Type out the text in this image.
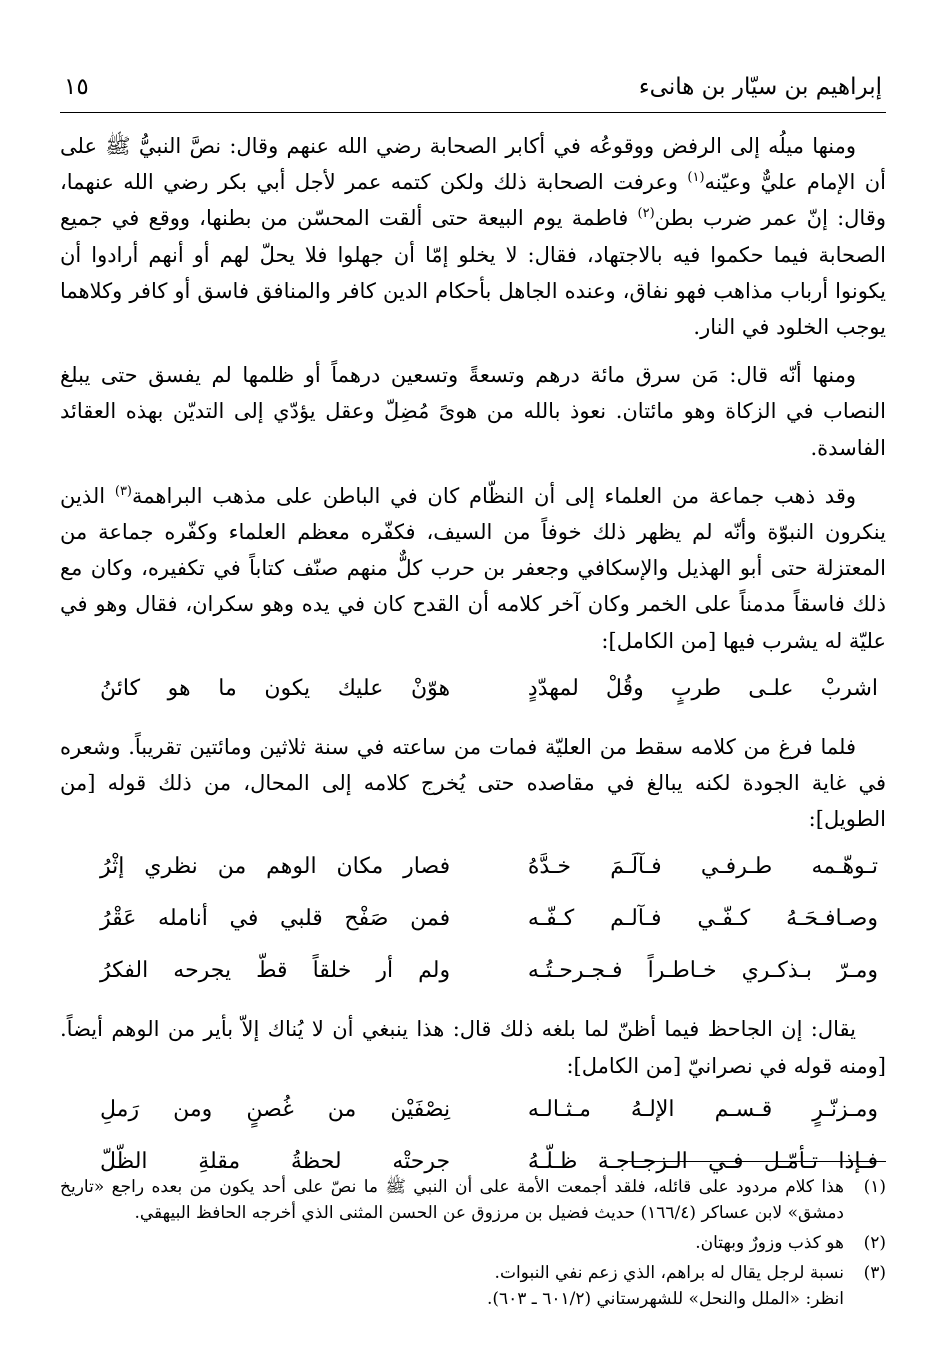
إبراهيم بن سيّار بن هانىء
١٥

ومنها ميلُه إلى الرفض ووقوعُه في أكابر الصحابة رضي الله عنهم وقال: نصَّ النبيُّ ﷺ على أن الإمام عليٌّ وعيّنه$^{(١)}$ وعرفت الصحابة ذلك ولكن كتمه عمر لأجل أبي بكر رضي الله عنهما، وقال: إنّ عمر ضرب بطن$^{(٢)}$ فاطمة يوم البيعة حتى ألقت المحسّن من بطنها، ووقع في جميع الصحابة فيما حكموا فيه بالاجتهاد، فقال: لا يخلو إمّا أن جهلوا فلا يحلّ لهم أو أنهم أرادوا أن يكونوا أرباب مذاهب فهو نفاق، وعنده الجاهل بأحكام الدين كافر والمنافق فاسق أو كافر وكلاهما يوجب الخلود في النار.

ومنها أنّه قال: مَن سرق مائة درهم وتسعةً وتسعين درهماً أو ظلمها لم يفسق حتى يبلغ النصاب في الزكاة وهو مائتان. نعوذ بالله من هوىً مُضِلّ وعقل يؤدّي إلى التديّن بهذه العقائد الفاسدة.

وقد ذهب جماعة من العلماء إلى أن النظّام كان في الباطن على مذهب البراهمة$^{(٣)}$ الذين ينكرون النبوّة وأنّه لم يظهر ذلك خوفاً من السيف، فكفّره معظم العلماء وكفّره جماعة من المعتزلة حتى أبو الهذيل والإسكافي وجعفر بن حرب كلٌّ منهم صنّف كتاباً في تكفيره، وكان مع ذلك فاسقاً مدمناً على الخمر وكان آخر كلامه أن القدح كان في يده وهو سكران، فقال وهو في عليّة له يشرب فيها [من الكامل]:

اشربْ علـى طربٍ وقُلْ لمهدّدٍ
هوّنْ عليك يكون ما هو كائنُ

فلما فرغ من كلامه سقط من العليّة فمات من ساعته في سنة ثلاثين ومائتين تقريباً. وشعره في غاية الجودة لكنه يبالغ في مقاصده حتى يُخرج كلامه إلى المحال، من ذلك قوله [من الطويل]:

تـوهّـمه طـرفـي فـآلَـمَ خـدَّهُ
فصار مكان الوهم من نظري إثْرُ
وصـافـحَـهُ كـفّـي فـآلـم كـفّـه
فمن صَفْح قلبي في أنامله عَقْرُ
ومـرّ بـذكـري خـاطـراً فـجـرحـتُـه
ولم أر خلقاً قطّ يجرحه الفكرُ

يقال: إن الجاحظ فيما أظنّ لما بلغه ذلك قال: هذا ينبغي أن لا يُناك إلاّ بأير من الوهم أيضاً. [ومنه قوله في نصرانيّ [من الكامل]:

ومـزنّـرٍ قـسـم الإلـهُ مـثـالـه
نِصْفَيْن من غُصنٍ ومن رَملِ
فـإذا تـأمّـل فـي الـزجـاجـة ظـلّـهُ
جرحتْه لحظةُ مقلةِ الظّلّ
(١)
هذا كلام مردود على قائله، فلقد أجمعت الأمة على أن النبي ﷺ ما نصّ على أحد يكون من بعده راجع «تاريخ دمشق» لابن عساكر (١٦٦/٤) حديث فضيل بن مرزوق عن الحسن المثنى الذي أخرجه الحافظ البيهقي.
(٢)
هو كذب وزورٌ وبهتان.
(٣)
نسبة لرجل يقال له براهم، الذي زعم نفي النبوات.
انظر: «الملل والنحل» للشهرستاني (٦٠١/٢ ـ ٦٠٣).
